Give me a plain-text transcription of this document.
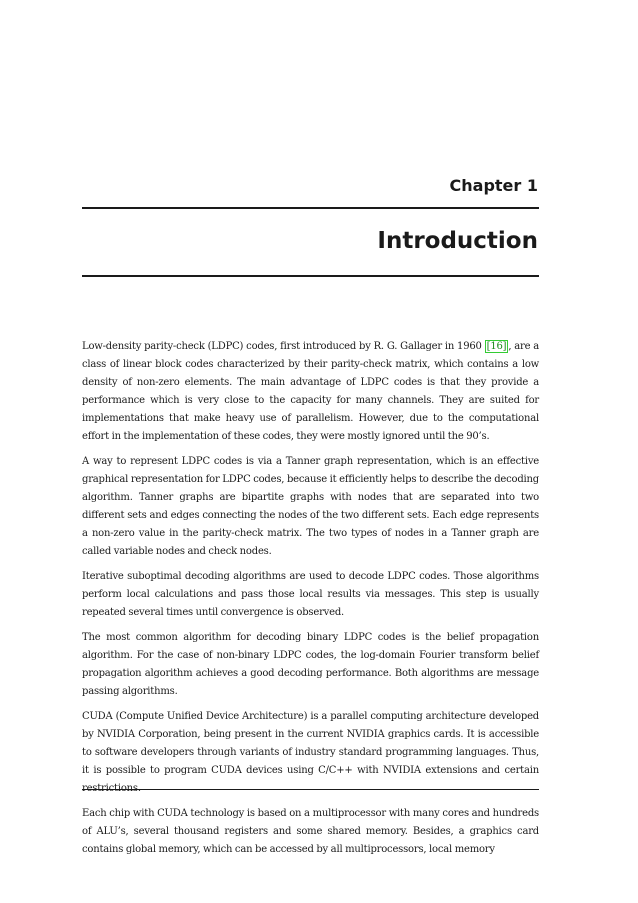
Chapter 1
Introduction

Low-density parity-check (LDPC) codes, first introduced by R. G. Gallager in 1960 [16] , are a class of linear block codes characterized by their parity-check matrix, which contains a low density of non-zero elements. The main advantage of LDPC codes is that they provide a performance which is very close to the capacity for many channels. They are suited for implementations that make heavy use of parallelism. However, due to the computational effort in the implementation of these codes, they were mostly ignored until the 90’s.

A way to represent LDPC codes is via a Tanner graph representation, which is an effective graphical representation for LDPC codes, because it efficiently helps to describe the decoding algorithm. Tanner graphs are bipartite graphs with nodes that are separated into two different sets and edges connecting the nodes of the two different sets. Each edge represents a non-zero value in the parity-check matrix. The two types of nodes in a Tanner graph are called variable nodes and check nodes.

Iterative suboptimal decoding algorithms are used to decode LDPC codes. Those algorithms perform local calculations and pass those local results via messages. This step is usually repeated several times until convergence is observed.

The most common algorithm for decoding binary LDPC codes is the belief propagation algorithm. For the case of non-binary LDPC codes, the log-domain Fourier transform belief propagation algorithm achieves a good decoding performance. Both algorithms are message passing algorithms.

CUDA (Compute Unified Device Architecture) is a parallel computing architecture developed by NVIDIA Corporation, being present in the current NVIDIA graphics cards. It is accessible to software developers through variants of industry standard programming languages. Thus, it is possible to program CUDA devices using C/C++ with NVIDIA extensions and certain

Each chip with CUDA technology is based on a multiprocessor with many cores and hundreds of ALU’s, several thousand registers and some shared memory. Besides, a graphics card contains global memory, which can be accessed by all multiprocessors, local memory
